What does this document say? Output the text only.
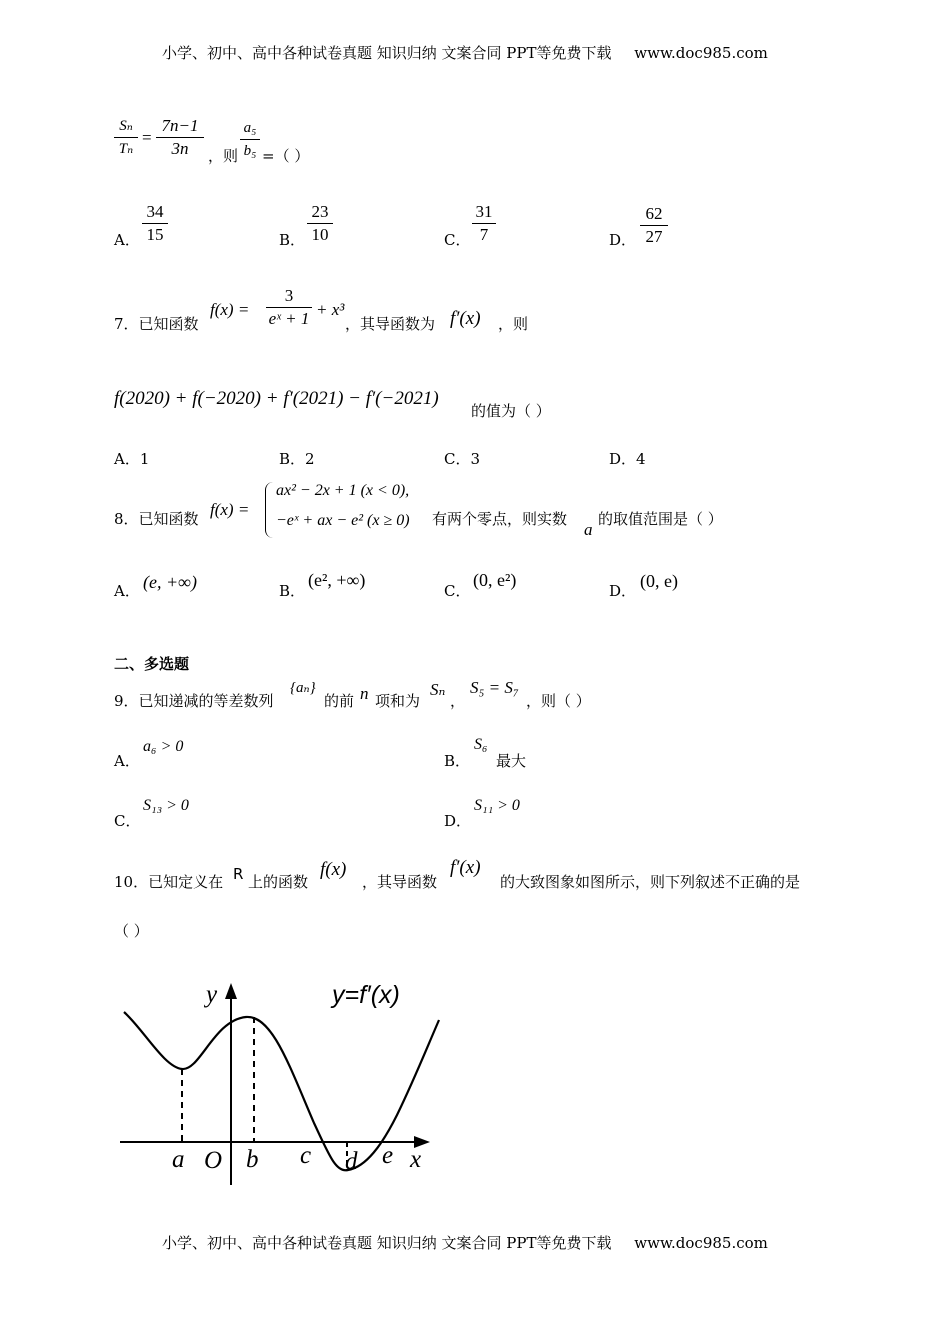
小学、初中、高中各种试卷真题 知识归纳 文案合同 PPT等免费下载 www.doc985.com
Sₙ
Tₙ
=
7n−1
3n	，则
a₅
b₅ =（ ）
A．
34
15	B．
23
10	C．
31
7	D．
62
27
7．已知函数
f(x) =
3
eˣ + 1 + x³
，其导函数为 f′(x) ，则
f(2020) + f(−2020) + f′(2021) − f′(−2021)
的值为（ ）
A．1	B．2	C．3	D．4
8．已知函数 f(x) =
ax² − 2x + 1 (x < 0),
−eˣ + ax − e² (x ≥ 0) 有两个零点，则实数
a
的取值范围是（ ）
A． (e, +∞)	B．
(e², +∞)
C．
(0, e²)
D． (0, e)
二、多选题
9．已知递减的等差数列
{aₙ}
的前 n 项和为
Sₙ
，
S₅ = S₇
，则（ ）
A．
a₆ > 0
B．
S₆
最大
C．
S₁₃ > 0
D．
S₁₁ > 0
10．已知定义在 R 上的函数
f(x)
，其导函数
f′(x)
的大致图象如图所示，则下列叙述不正确的是
（ ）
y=f′(x)
y
x
O
a b c d e
小学、初中、高中各种试卷真题 知识归纳 文案合同 PPT等免费下载 www.doc985.com
